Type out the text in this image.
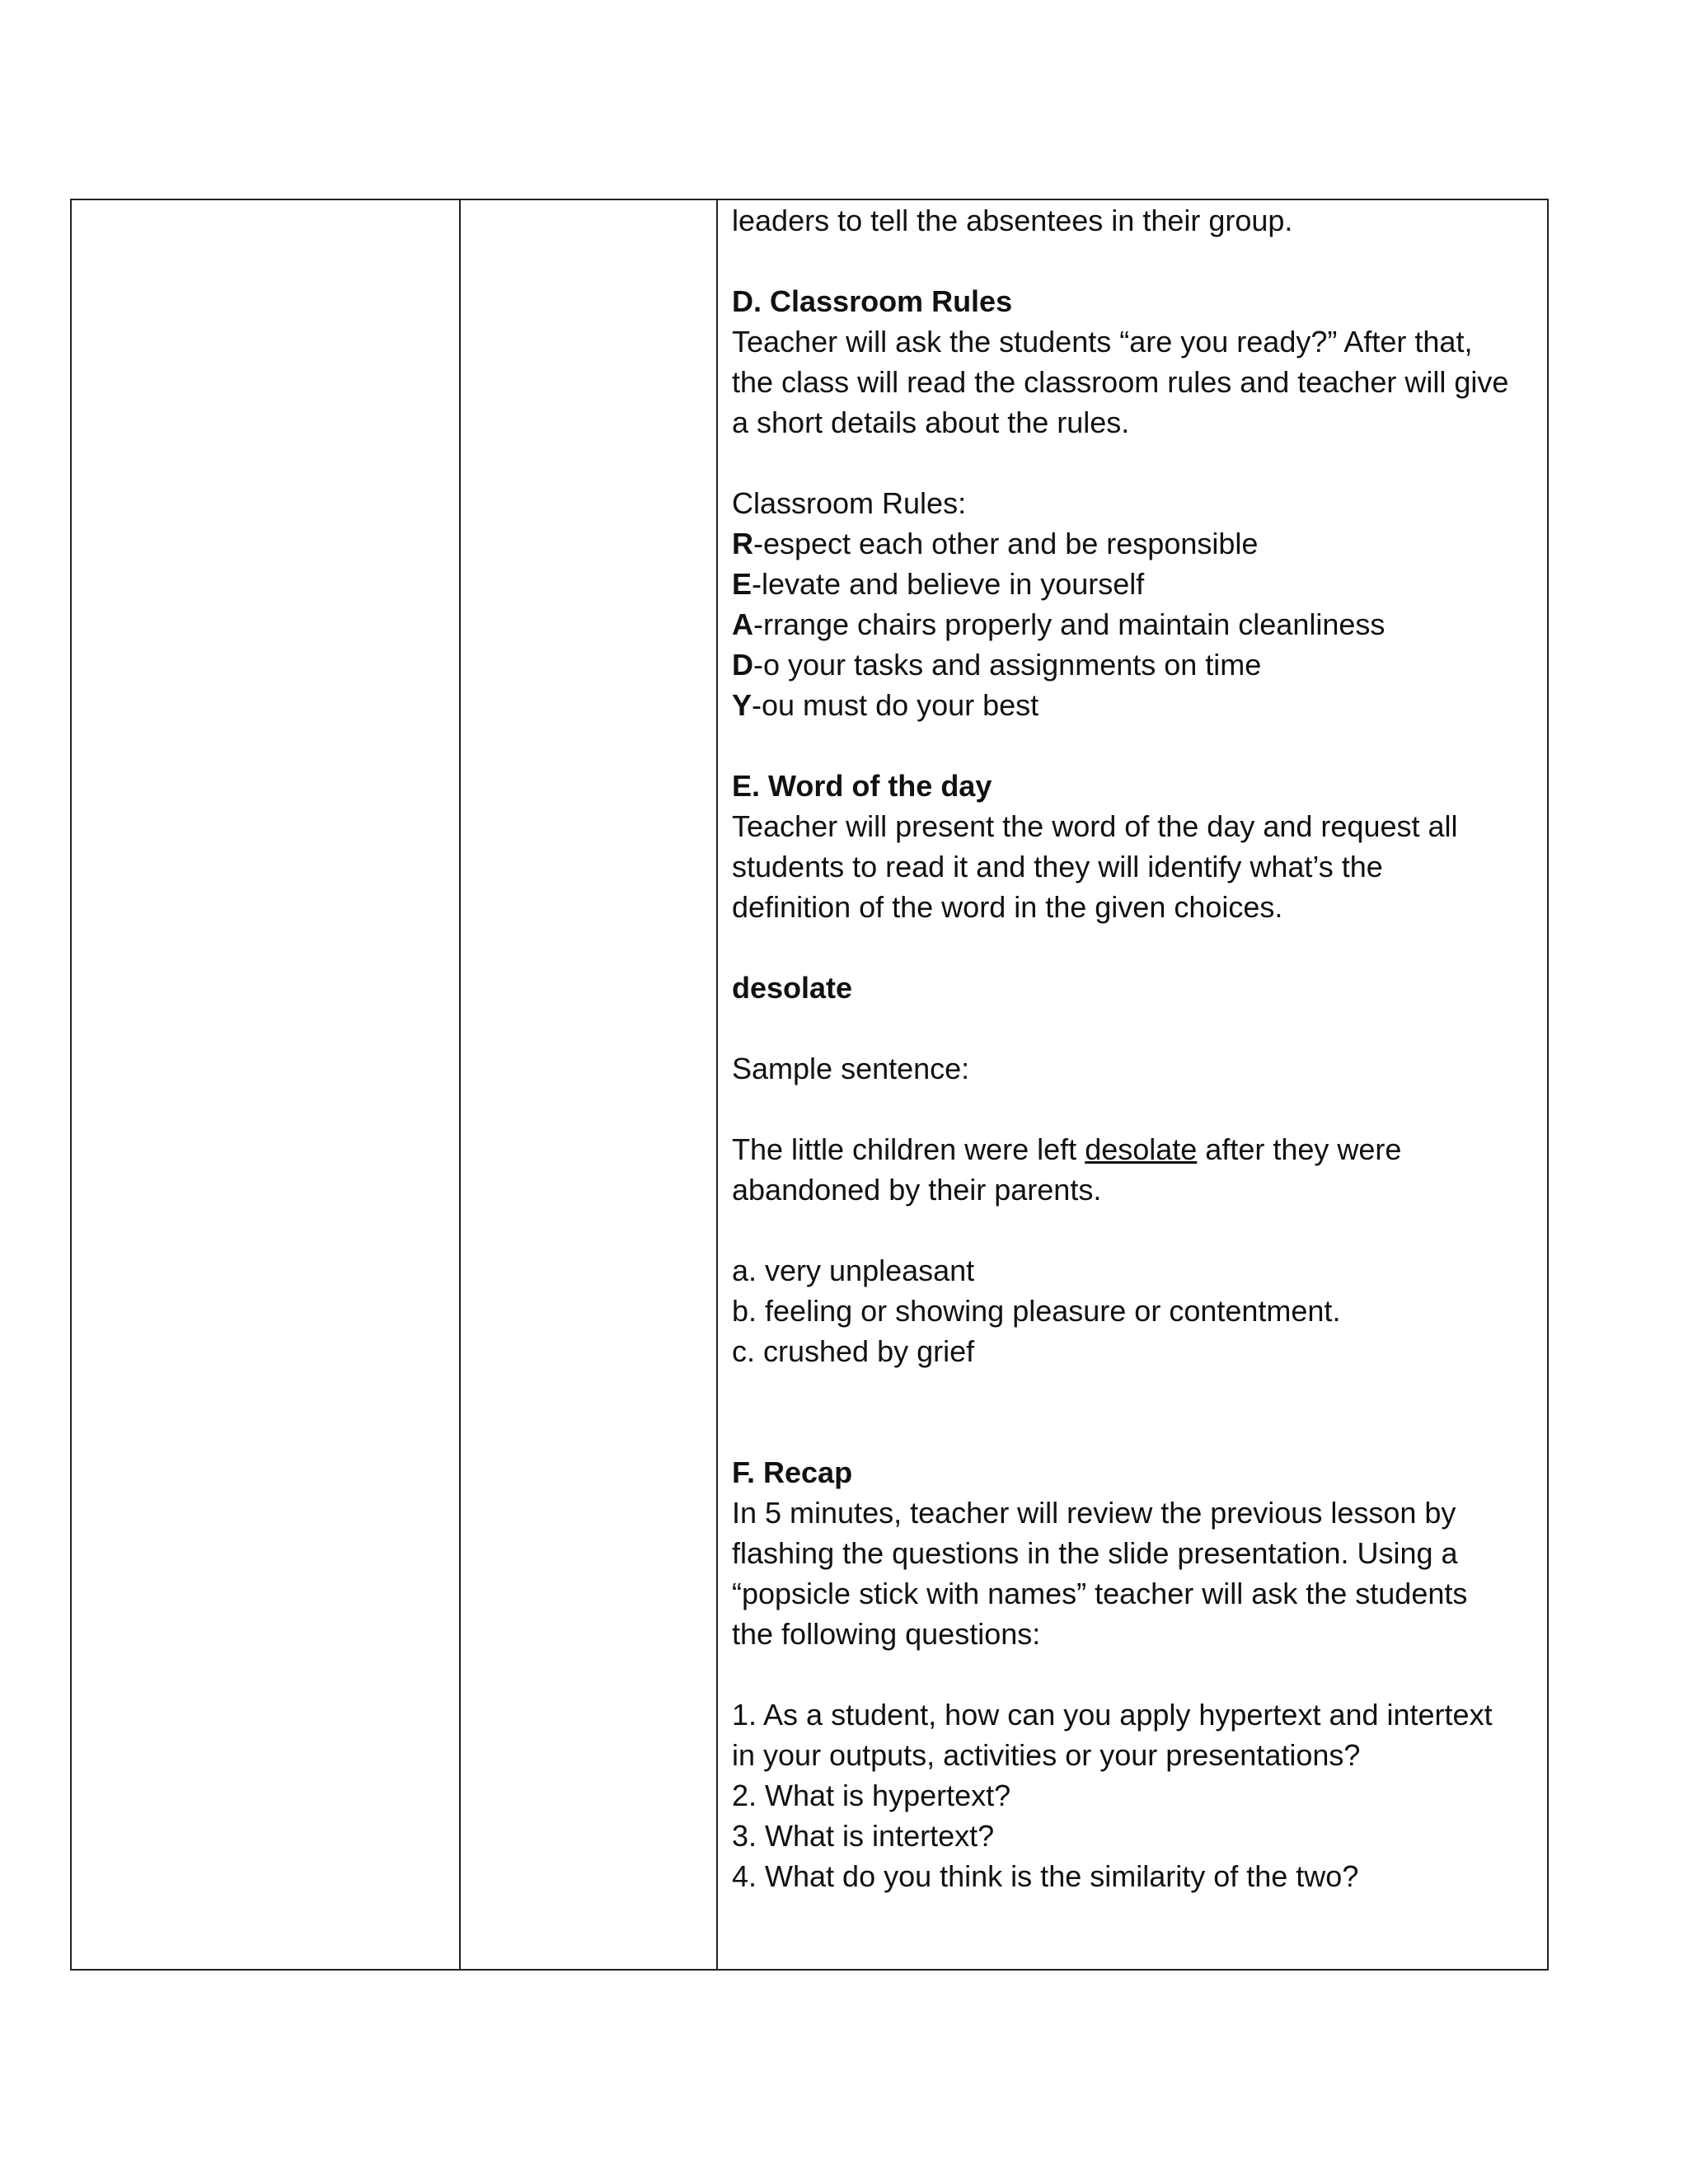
leaders to tell the absentees in their group.
D. Classroom Rules
Teacher will ask the students “are you ready?” After that,
the class will read the classroom rules and teacher will give
a short details about the rules.
Classroom Rules:
R-espect each other and be responsible
E-levate and believe in yourself
A-rrange chairs properly and maintain cleanliness
D-o your tasks and assignments on time
Y-ou must do your best
E. Word of the day
Teacher will present the word of the day and request all
students to read it and they will identify what’s the
definition of the word in the given choices.
desolate
Sample sentence:
The little children were left desolate after they were
abandoned by their parents.
a. very unpleasant
b. feeling or showing pleasure or contentment.
c. crushed by grief
F. Recap
In 5 minutes, teacher will review the previous lesson by
flashing the questions in the slide presentation. Using a
“popsicle stick with names” teacher will ask the students
the following questions:
1. As a student, how can you apply hypertext and intertext
in your outputs, activities or your presentations?
2. What is hypertext?
3. What is intertext?
4. What do you think is the similarity of the two?
